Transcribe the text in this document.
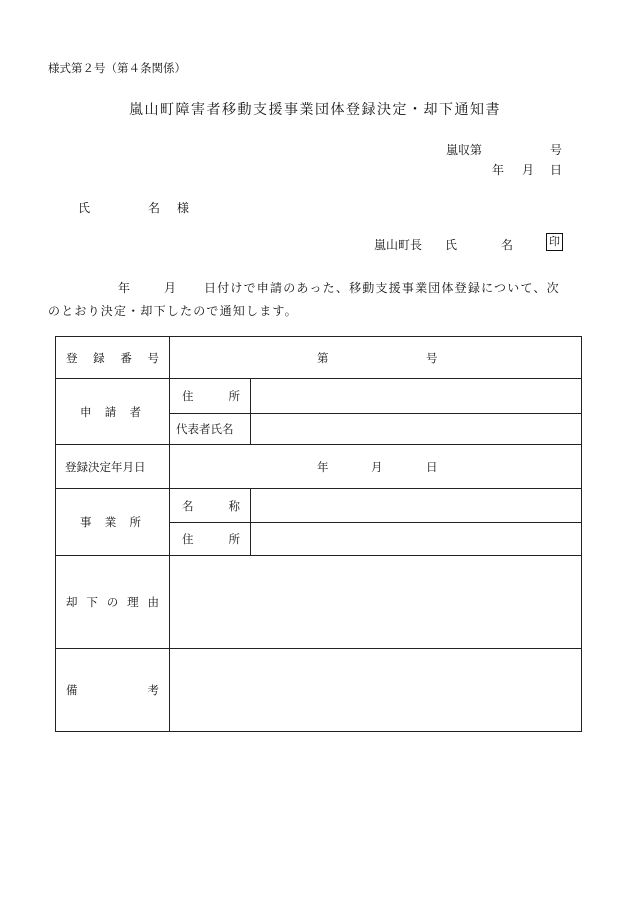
様式第２号（第４条関係）
嵐山町障害者移動支援事業団体登録決定・却下通知書
嵐収第	号
年 月 日
氏	名 様
嵐山町長 氏	名	印
年	月 日付けで申請のあった、移動支援事業団体登録について、次
のとおり決定・却下したので通知します。
登 録 番 号	第 号	

申 請 者	住 所	

	代表者氏名	
登録決定年月日	年 月 日	

事 業 所	名 称	

	住 所	

却 下 の 理 由		

備 考		
